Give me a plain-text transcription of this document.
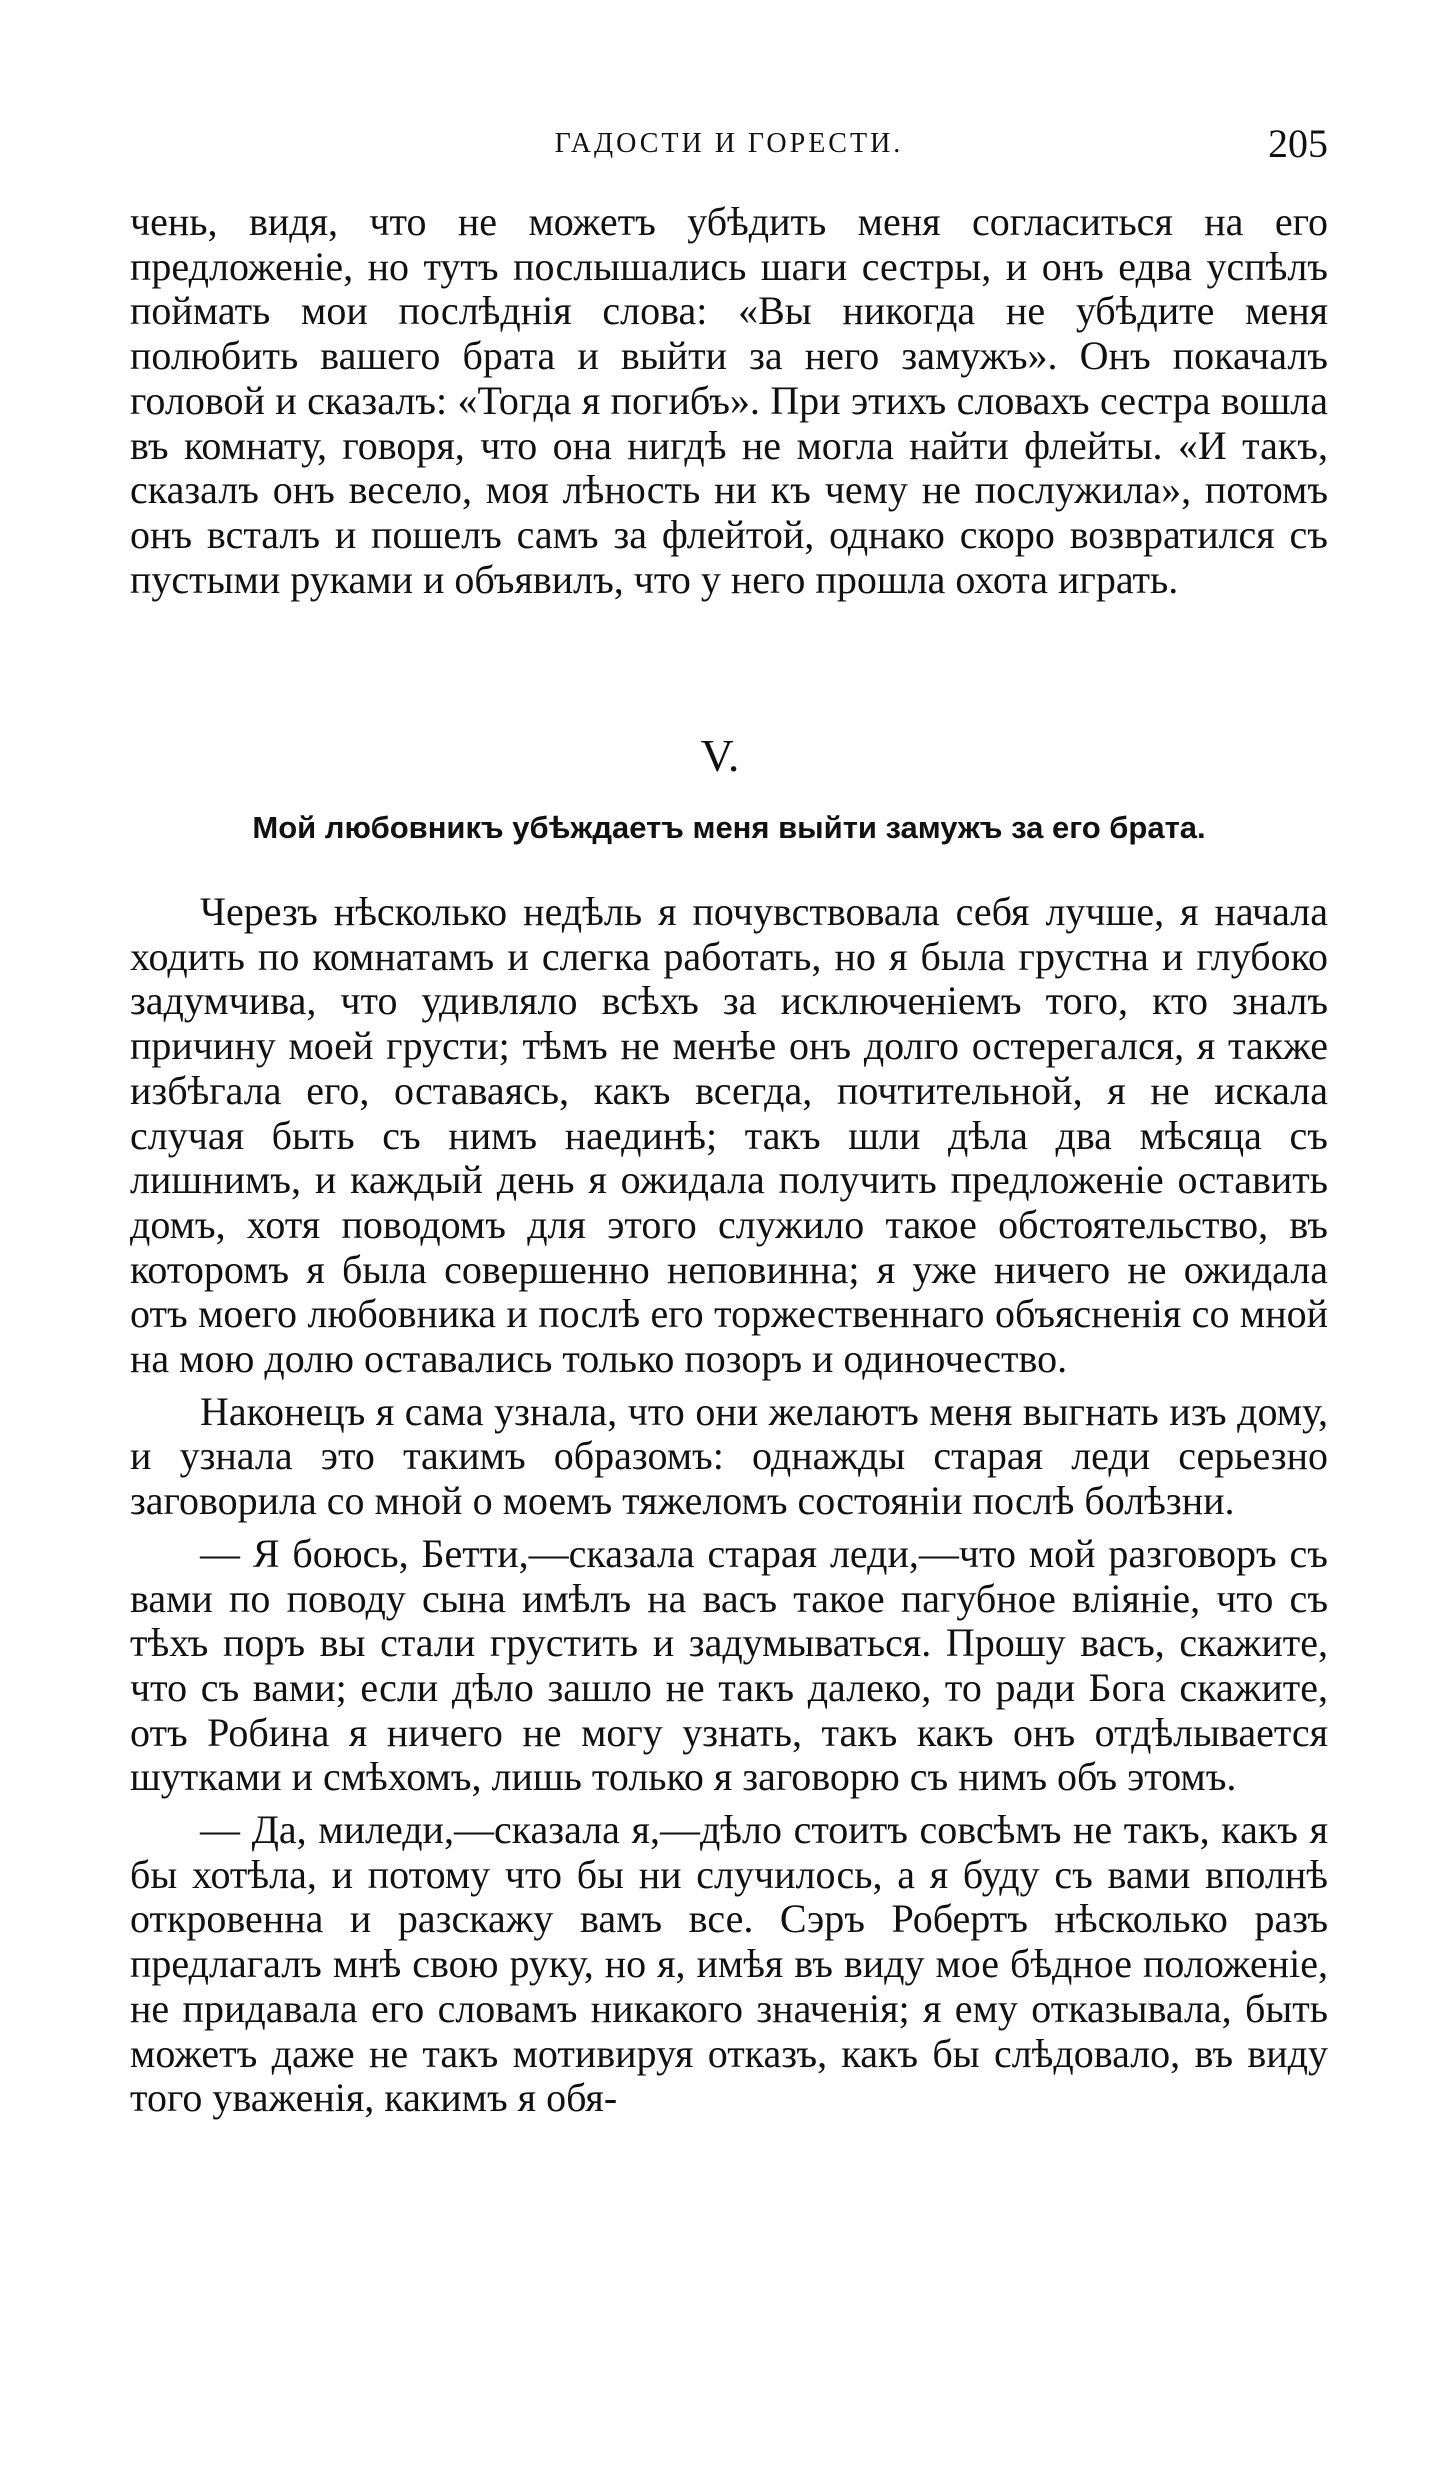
ГАДОСТИ И ГОРЕСТИ.	205

чень, видя, что не можетъ убѣдить меня согласиться на его предложеніе, но тутъ послышались шаги сестры, и онъ едва успѣлъ поймать мои послѣднія слова: «Вы никогда не убѣдите меня полюбить вашего брата и выйти за него замужъ». Онъ покачалъ головой и сказалъ: «Тогда я погибъ». При этихъ словахъ сестра вошла въ комнату, говоря, что она нигдѣ не могла найти флейты. «И такъ, сказалъ онъ весело, моя лѣность ни къ чему не послужила», потомъ онъ всталъ и пошелъ самъ за флейтой, однако скоро возвратился съ пустыми руками и объявилъ, что у него прошла охота играть.

V.
Мой любовникъ убѣждаетъ меня выйти замужъ за его брата.

Черезъ нѣсколько недѣль я почувствовала себя лучше, я начала ходить по комнатамъ и слегка работать, но я была грустна и глубоко задумчива, что удивляло всѣхъ за исключеніемъ того, кто зналъ причину моей грусти; тѣмъ не менѣе онъ долго остерегался, я также избѣгала его, оставаясь, какъ всегда, почтительной, я не искала случая быть съ нимъ наединѣ; такъ шли дѣла два мѣсяца съ лишнимъ, и каждый день я ожидала получить предложеніе оставить домъ, хотя поводомъ для этого служило такое обстоятельство, въ которомъ я была совершенно неповинна; я уже ничего не ожидала отъ моего любовника и послѣ его торжественнаго объясненія со мной на мою долю оставались только позоръ и одиночество.

Наконецъ я сама узнала, что они желаютъ меня выгнать изъ дому, и узнала это такимъ образомъ: однажды старая леди серьезно заговорила со мной о моемъ тяжеломъ состояніи послѣ болѣзни.

— Я боюсь, Бетти,—сказала старая леди,—что мой разговоръ съ вами по поводу сына имѣлъ на васъ такое пагубное вліяніе, что съ тѣхъ поръ вы стали грустить и задумываться. Прошу васъ, скажите, что съ вами; если дѣло зашло не такъ далеко, то ради Бога скажите, отъ Робина я ничего не могу узнать, такъ какъ онъ отдѣлывается шутками и смѣхомъ, лишь только я заговорю съ нимъ объ этомъ.

— Да, миледи,—сказала я,—дѣло стоитъ совсѣмъ не такъ, какъ я бы хотѣла, и потому что бы ни случилось, а я буду съ вами вполнѣ откровенна и разскажу вамъ все. Сэръ Робертъ нѣсколько разъ предлагалъ мнѣ свою руку, но я, имѣя въ виду мое бѣдное положеніе, не придавала его словамъ никакого значенія; я ему отказывала, быть можетъ даже не такъ мотивируя отказъ, какъ бы слѣдовало, въ виду того уваженія, какимъ я обя-
